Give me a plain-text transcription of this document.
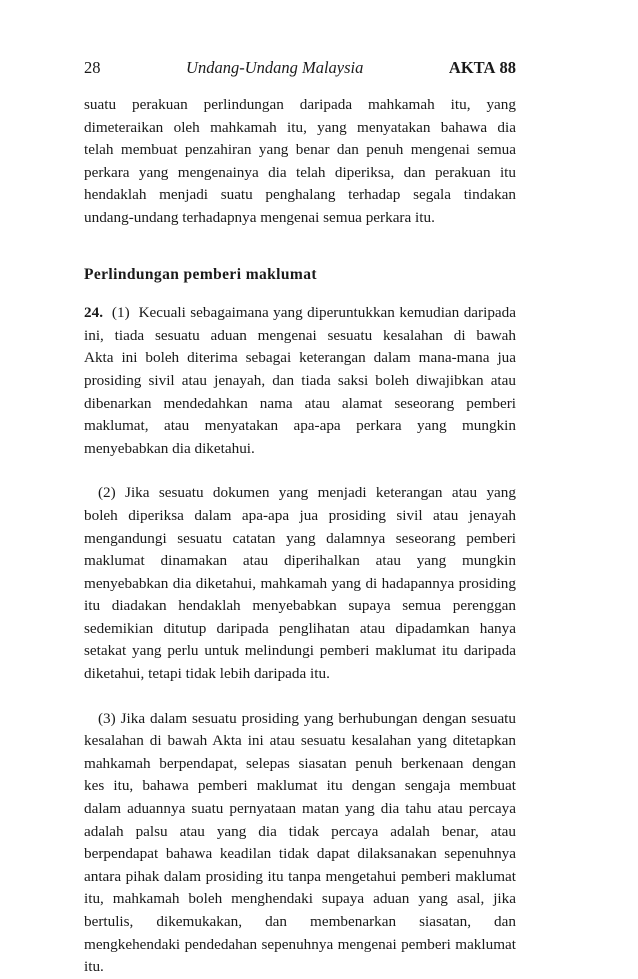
28	Undang-Undang Malaysia	AKTA 88
suatu perakuan perlindungan daripada mahkamah itu, yang
dimeteraikan oleh mahkamah itu, yang menyatakan bahawa dia
telah membuat penzahiran yang benar dan penuh mengenai semua
perkara yang mengenainya dia telah diperiksa, dan perakuan itu
hendaklah menjadi suatu penghalang terhadap segala tindakan
undang-undang terhadapnya mengenai semua perkara itu.
Perlindungan pemberi maklumat
24. (1) Kecuali sebagaimana yang diperuntukkan kemudian daripada
ini, tiada sesuatu aduan mengenai sesuatu kesalahan di bawah
Akta ini boleh diterima sebagai keterangan dalam mana-mana jua
prosiding sivil atau jenayah, dan tiada saksi boleh diwajibkan atau
dibenarkan mendedahkan nama atau alamat seseorang pemberi
maklumat, atau menyatakan apa-apa perkara yang mungkin
menyebabkan dia diketahui.
(2) Jika sesuatu dokumen yang menjadi keterangan atau yang
boleh diperiksa dalam apa-apa jua prosiding sivil atau jenayah
mengandungi sesuatu catatan yang dalamnya seseorang pemberi
maklumat dinamakan atau diperihalkan atau yang mungkin
menyebabkan dia diketahui, mahkamah yang di hadapannya prosiding
itu diadakan hendaklah menyebabkan supaya semua perenggan
sedemikian ditutup daripada penglihatan atau dipadamkan hanya
setakat yang perlu untuk melindungi pemberi maklumat itu daripada
diketahui, tetapi tidak lebih daripada itu.
(3) Jika dalam sesuatu prosiding yang berhubungan dengan sesuatu
kesalahan di bawah Akta ini atau sesuatu kesalahan yang ditetapkan
mahkamah berpendapat, selepas siasatan penuh berkenaan dengan
kes itu, bahawa pemberi maklumat itu dengan sengaja membuat
dalam aduannya suatu pernyataan matan yang dia tahu atau percaya
adalah palsu atau yang dia tidak percaya adalah benar, atau
berpendapat bahawa keadilan tidak dapat dilaksanakan sepenuhnya
antara pihak dalam prosiding itu tanpa mengetahui pemberi maklumat
itu, mahkamah boleh menghendaki supaya aduan yang asal, jika
bertulis, dikemukakan, dan membenarkan siasatan, dan
mengkehendaki pendedahan sepenuhnya mengenai pemberi maklumat
itu.
